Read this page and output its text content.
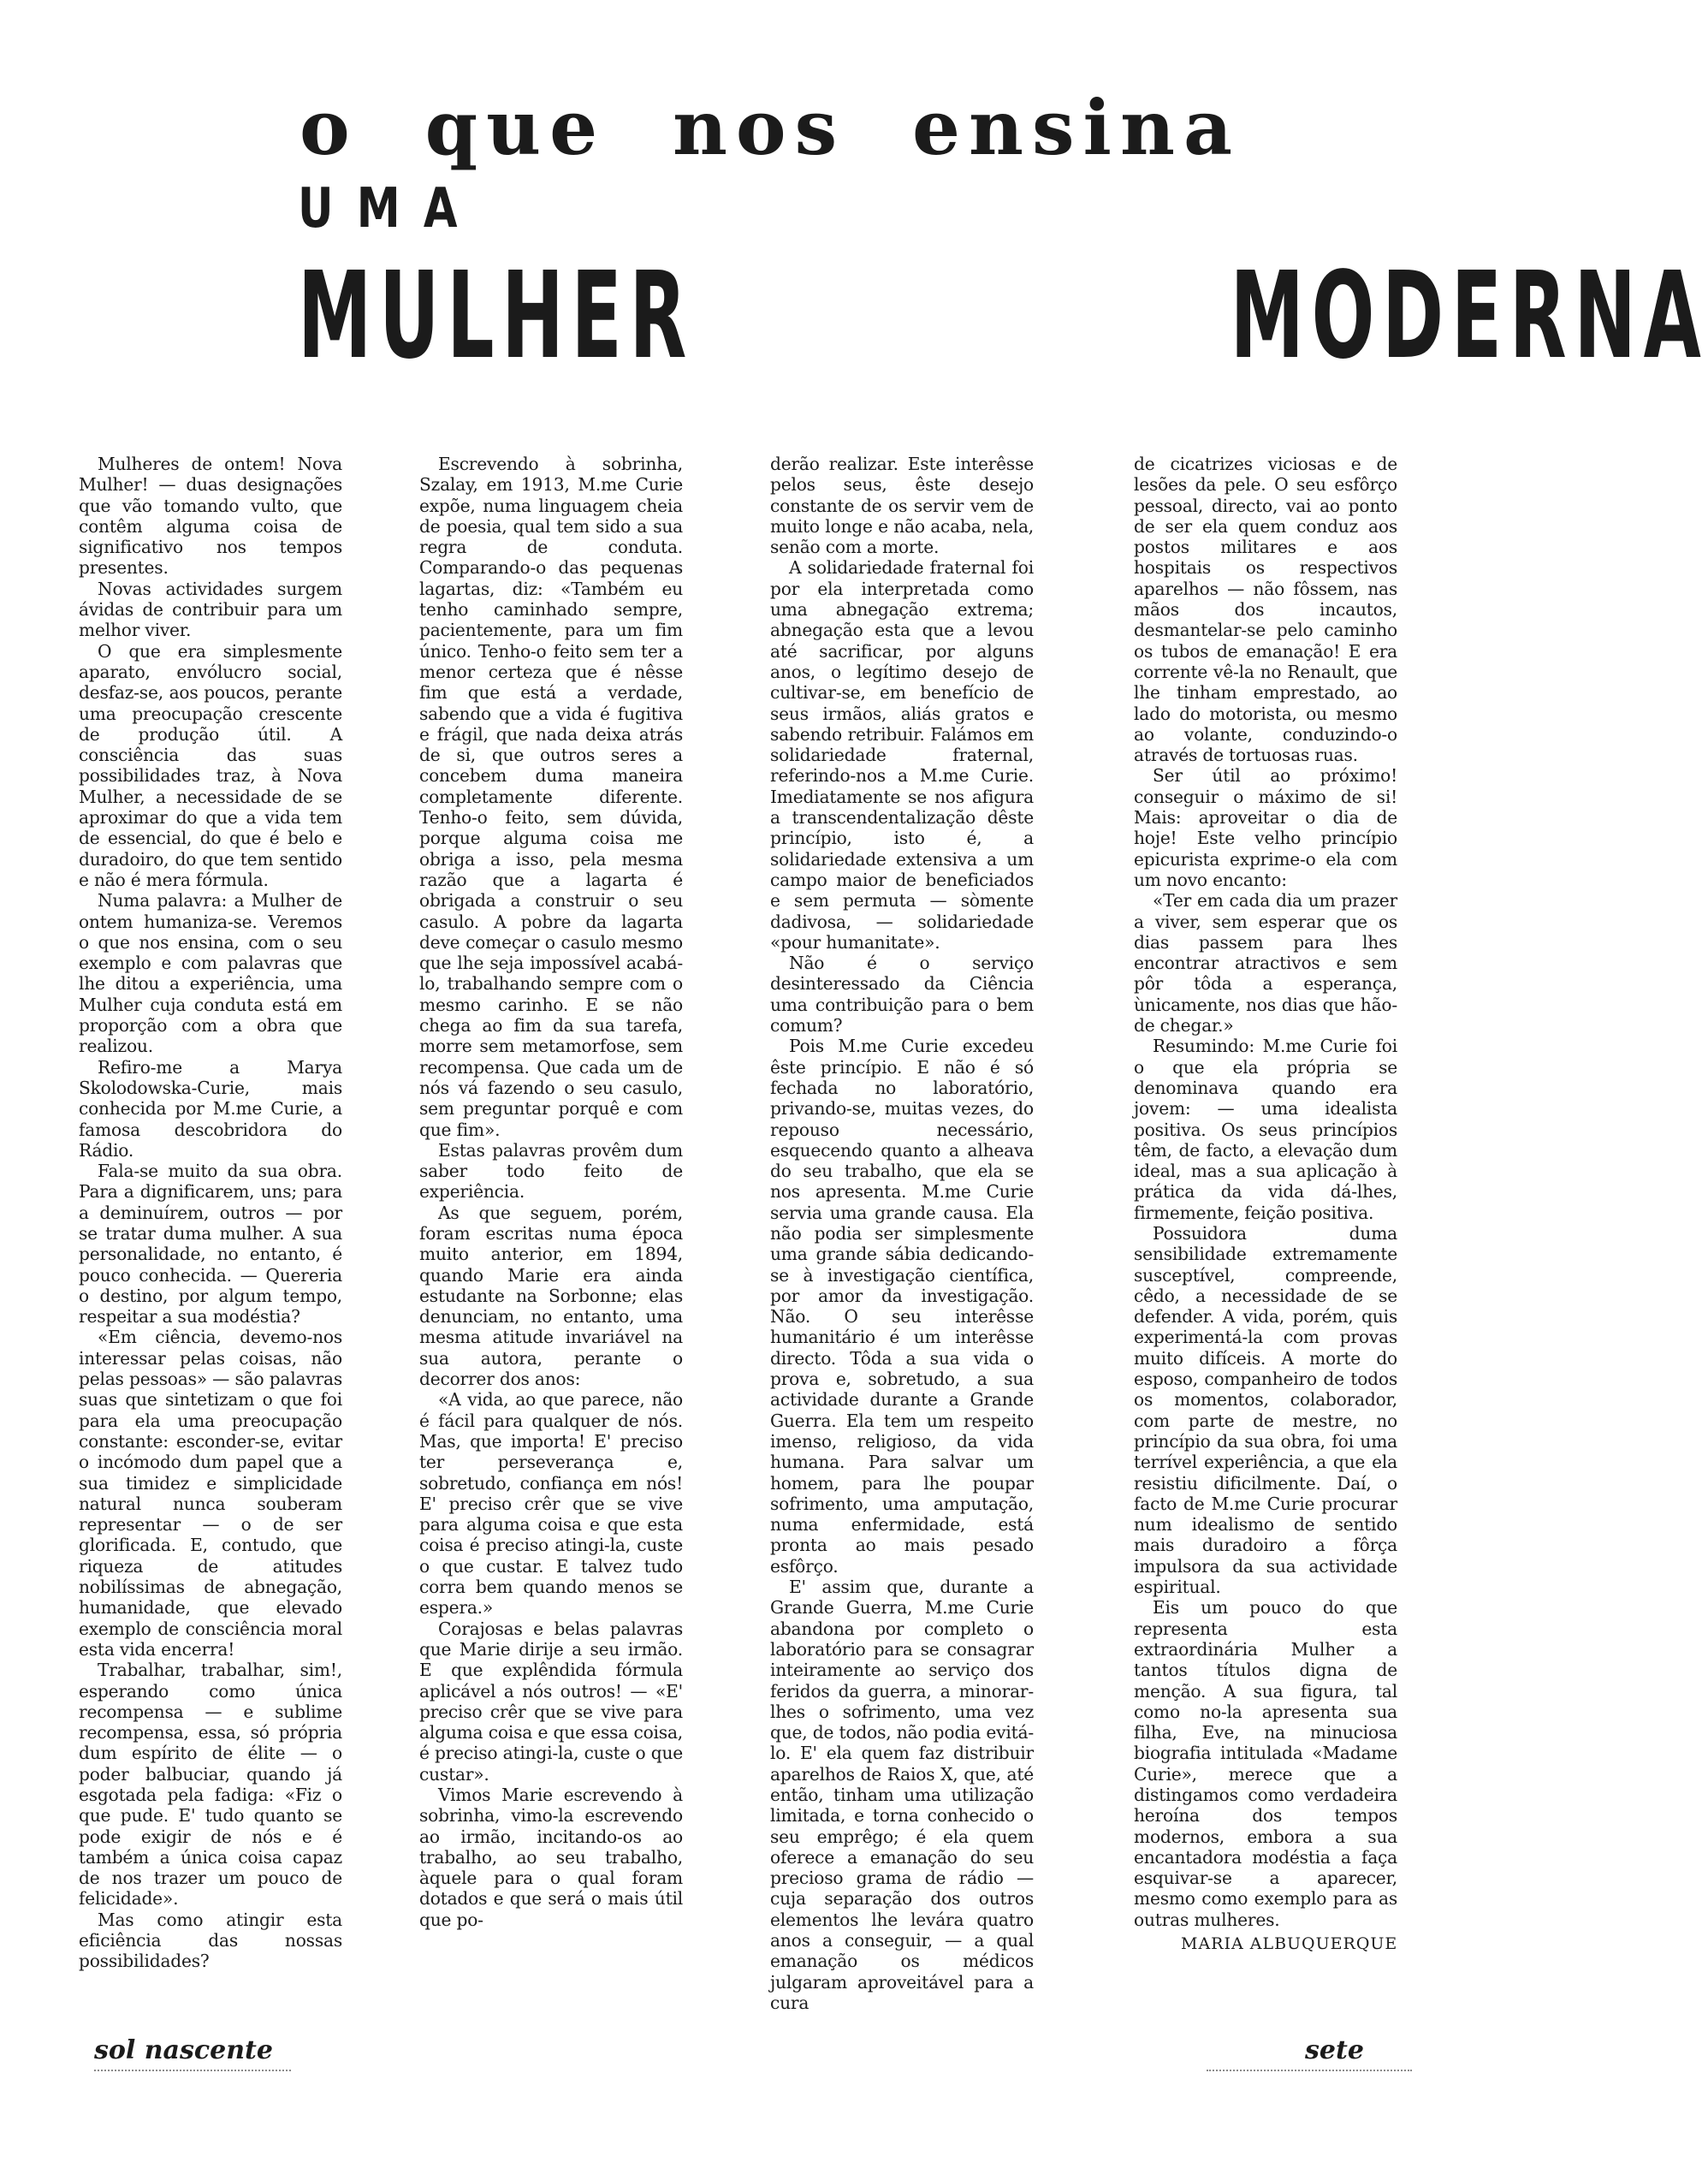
o que nos ensina
UMA
MULHER	MODERNA

Mulheres de ontem! Nova Mulher! — duas designações que vão tomando vulto, que contêm alguma coisa de significativo nos tempos presentes.

Novas actividades surgem ávidas de contribuir para um melhor viver.

O que era simplesmente aparato, envólucro social, desfaz-se, aos poucos, perante uma preocupação crescente de produção útil. A consciência das suas possibilidades traz, à Nova Mulher, a necessidade de se aproximar do que a vida tem de essencial, do que é belo e duradoiro, do que tem sentido e não é mera fórmula.

Numa palavra: a Mulher de ontem humaniza-se. Veremos o que nos ensina, com o seu exemplo e com palavras que lhe ditou a experiência, uma Mulher cuja conduta está em proporção com a obra que realizou.

Refiro-me a Marya Skolodowska-Curie, mais conhecida por M.me Curie, a famosa descobridora do Rádio.

Fala-se muito da sua obra. Para a dignificarem, uns; para a deminuírem, outros — por se tratar duma mulher. A sua personalidade, no entanto, é pouco conhecida. — Quereria o destino, por algum tempo, respeitar a sua modéstia?

«Em ciência, devemo-nos interessar pelas coisas, não pelas pessoas» — são palavras suas que sintetizam o que foi para ela uma preocupação constante: esconder-se, evitar o incómodo dum papel que a sua timidez e simplicidade natural nunca souberam representar — o de ser glorificada. E, contudo, que riqueza de atitudes nobilíssimas de abnegação, humanidade, que elevado exemplo de consciência moral esta vida encerra!

Trabalhar, trabalhar, sim!, esperando como única recompensa — e sublime recompensa, essa, só própria dum espírito de élite — o poder balbuciar, quando já esgotada pela fadiga: «Fiz o que pude. E' tudo quanto se pode exigir de nós e é também a única coisa capaz de nos trazer um pouco de felicidade».

Mas como atingir esta eficiência das nossas possibilidades?

Escrevendo à sobrinha, Szalay, em 1913, M.me Curie expõe, numa linguagem cheia de poesia, qual tem sido a sua regra de conduta. Comparando-o das pequenas lagartas, diz: «Também eu tenho caminhado sempre, pacientemente, para um fim único. Tenho-o feito sem ter a menor certeza que é nêsse fim que está a verdade, sabendo que a vida é fugitiva e frágil, que nada deixa atrás de si, que outros seres a concebem duma maneira completamente diferente. Tenho-o feito, sem dúvida, porque alguma coisa me obriga a isso, pela mesma razão que a lagarta é obrigada a construir o seu casulo. A pobre da lagarta deve começar o casulo mesmo que lhe seja impossível acabá-lo, trabalhando sempre com o mesmo carinho. E se não chega ao fim da sua tarefa, morre sem metamorfose, sem recompensa. Que cada um de nós vá fazendo o seu casulo, sem preguntar porquê e com que fim».

Estas palavras provêm dum saber todo feito de experiência.

As que seguem, porém, foram escritas numa época muito anterior, em 1894, quando Marie era ainda estudante na Sorbonne; elas denunciam, no entanto, uma mesma atitude invariável na sua autora, perante o decorrer dos anos:

«A vida, ao que parece, não é fácil para qualquer de nós. Mas, que importa! E' preciso ter perseverança e, sobretudo, confiança em nós! E' preciso crêr que se vive para alguma coisa e que esta coisa é preciso atingi-la, custe o que custar. E talvez tudo corra bem quando menos se espera.»

Corajosas e belas palavras que Marie dirije a seu irmão. E que explêndida fórmula aplicável a nós outros! — «E' preciso crêr que se vive para alguma coisa e que essa coisa, é preciso atingi-la, custe o que custar».

Vimos Marie escrevendo à sobrinha, vimo-la escrevendo ao irmão, incitando-os ao trabalho, ao seu trabalho, àquele para o qual foram dotados e que será o mais útil que po-

derão realizar. Este interêsse pelos seus, êste desejo constante de os servir vem de muito longe e não acaba, nela, senão com a morte.

A solidariedade fraternal foi por ela interpretada como uma abnegação extrema; abnegação esta que a levou até sacrificar, por alguns anos, o legítimo desejo de cultivar-se, em benefício de seus irmãos, aliás gratos e sabendo retribuir. Falámos em solidariedade fraternal, referindo-nos a M.me Curie. Imediatamente se nos afigura a transcendentalização dêste princípio, isto é, a solidariedade extensiva a um campo maior de beneficiados e sem permuta — sòmente dadivosa, — solidariedade «pour humanitate».

Não é o serviço desinteressado da Ciência uma contribuição para o bem comum?

Pois M.me Curie excedeu êste princípio. E não é só fechada no laboratório, privando-se, muitas vezes, do repouso necessário, esquecendo quanto a alheava do seu trabalho, que ela se nos apresenta. M.me Curie servia uma grande causa. Ela não podia ser simplesmente uma grande sábia dedicando-se à investigação científica, por amor da investigação. Não. O seu interêsse humanitário é um interêsse directo. Tôda a sua vida o prova e, sobretudo, a sua actividade durante a Grande Guerra. Ela tem um respeito imenso, religioso, da vida humana. Para salvar um homem, para lhe poupar sofrimento, uma amputação, numa enfermidade, está pronta ao mais pesado esfôrço.

E' assim que, durante a Grande Guerra, M.me Curie abandona por completo o laboratório para se consagrar inteiramente ao serviço dos feridos da guerra, a minorar-lhes o sofrimento, uma vez que, de todos, não podia evitá-lo. E' ela quem faz distribuir aparelhos de Raios X, que, até então, tinham uma utilização limitada, e torna conhecido o seu emprêgo; é ela quem oferece a emanação do seu precioso grama de rádio — cuja separação dos outros elementos lhe levára quatro anos a conseguir, — a qual emanação os médicos julgaram aproveitável para a cura

de cicatrizes viciosas e de lesões da pele. O seu esfôrço pessoal, directo, vai ao ponto de ser ela quem conduz aos postos militares e aos hospitais os respectivos aparelhos — não fôssem, nas mãos dos incautos, desmantelar-se pelo caminho os tubos de emanação! E era corrente vê-la no Renault, que lhe tinham emprestado, ao lado do motorista, ou mesmo ao volante, conduzindo-o através de tortuosas ruas.

Ser útil ao próximo! conseguir o máximo de si! Mais: aproveitar o dia de hoje! Este velho princípio epicurista exprime-o ela com um novo encanto:

«Ter em cada dia um prazer a viver, sem esperar que os dias passem para lhes encontrar atractivos e sem pôr tôda a esperança, ùnicamente, nos dias que hão-de chegar.»

Resumindo: M.me Curie foi o que ela própria se denominava quando era jovem: — uma idealista positiva. Os seus princípios têm, de facto, a elevação dum ideal, mas a sua aplicação à prática da vida dá-lhes, firmemente, feição positiva.

Possuidora duma sensibilidade extremamente susceptível, compreende, cêdo, a necessidade de se defender. A vida, porém, quis experimentá-la com provas muito difíceis. A morte do esposo, companheiro de todos os momentos, colaborador, com parte de mestre, no princípio da sua obra, foi uma terrível experiência, a que ela resistiu dificilmente. Daí, o facto de M.me Curie procurar num idealismo de sentido mais duradoiro a fôrça impulsora da sua actividade espiritual.

Eis um pouco do que representa esta extraordinária Mulher a tantos títulos digna de menção. A sua figura, tal como no-la apresenta sua filha, Eve, na minuciosa biografia intitulada «Madame Curie», merece que a distingamos como verdadeira heroína dos tempos modernos, embora a sua encantadora modéstia a faça esquivar-se a aparecer, mesmo como exemplo para as outras mulheres.

MARIA ALBUQUERQUE
sol nascente	sete
